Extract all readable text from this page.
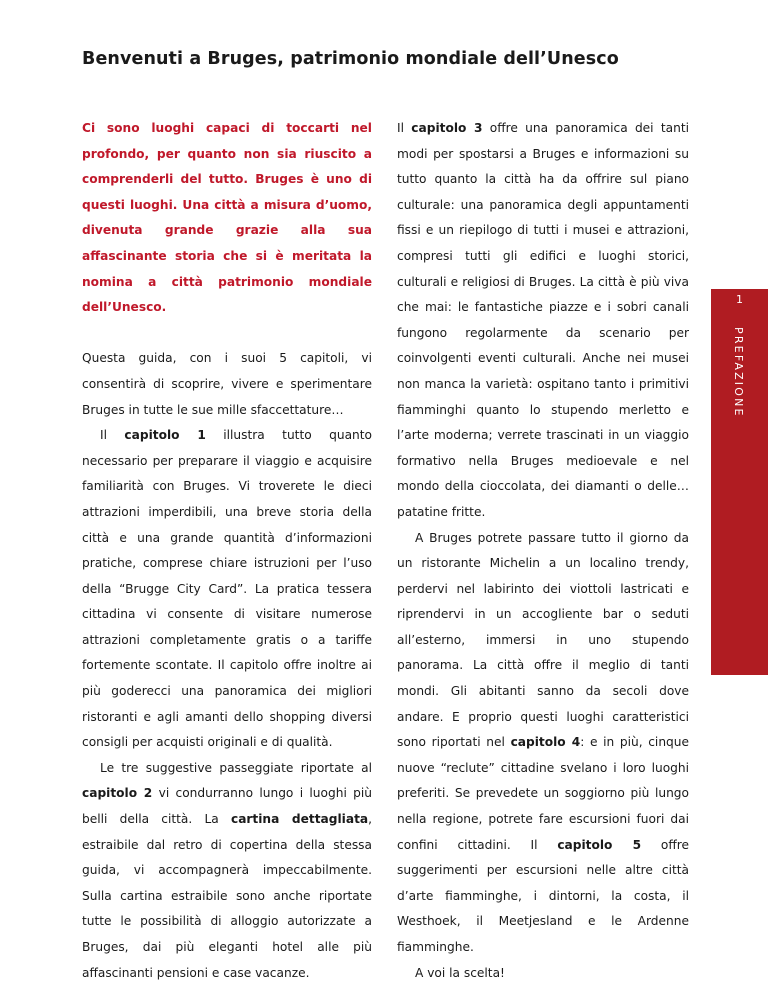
Benvenuti a Bruges, patrimonio mondiale dell’Unesco

Ci sono luoghi capaci di toccarti nel profondo, per quanto non sia riuscito a comprenderli del tutto. Bruges è uno di questi luoghi. Una città a misura d’uomo, divenuta grande grazie alla sua affascinante storia che si è meritata la nomina a città patrimonio mondiale dell’Unesco.

Questa guida, con i suoi 5 capitoli, vi consentirà di scoprire, vivere e sperimentare Bruges in tutte le sue mille sfaccettature…

Il capitolo 1 illustra tutto quanto necessario per preparare il viaggio e acquisire familiarità con Bruges. Vi troverete le dieci attrazioni imperdibili, una breve storia della città e una grande quantità d’informazioni pratiche, comprese chiare istruzioni per l’uso della “Brugge City Card”. La pratica tessera cittadina vi consente di visitare numerose attrazioni completamente gratis o a tariffe fortemente scontate. Il capitolo offre inoltre ai più goderecci una panoramica dei migliori ristoranti e agli amanti dello shopping diversi consigli per acquisti originali e di qualità.

Le tre suggestive passeggiate riportate al capitolo 2 vi condurranno lungo i luoghi più belli della città. La cartina dettagliata, estraibile dal retro di copertina della stessa guida, vi accompagnerà impeccabilmente. Sulla cartina estraibile sono anche riportate tutte le possibilità di alloggio autorizzate a Bruges, dai più eleganti hotel alle più affascinanti pensioni e case vacanze.

Il capitolo 3 offre una panoramica dei tanti modi per spostarsi a Bruges e informazioni su tutto quanto la città ha da offrire sul piano culturale: una panoramica degli appuntamenti fissi e un riepilogo di tutti i musei e attrazioni, compresi tutti gli edifici e luoghi storici, culturali e religiosi di Bruges. La città è più viva che mai: le fantastiche piazze e i sobri canali fungono regolarmente da scenario per coinvolgenti eventi culturali. Anche nei musei non manca la varietà: ospitano tanto i primitivi fiamminghi quanto lo stupendo merletto e l’arte moderna; verrete trascinati in un viaggio formativo nella Bruges medioevale e nel mondo della cioccolata, dei diamanti o delle… patatine fritte.

A Bruges potrete passare tutto il giorno da un ristorante Michelin a un localino trendy, perdervi nel labirinto dei viottoli lastricati e riprendervi in un accogliente bar o seduti all’esterno, immersi in uno stupendo panorama. La città offre il meglio di tanti mondi. Gli abitanti sanno da secoli dove andare. E proprio questi luoghi caratteristici sono riportati nel capitolo 4: e in più, cinque nuove “reclute” cittadine svelano i loro luoghi preferiti. Se prevedete un soggiorno più lungo nella regione, potrete fare escursioni fuori dai confini cittadini. Il capitolo 5 offre suggerimenti per escursioni nelle altre città d’arte fiamminghe, i dintorni, la costa, il Westhoek, il Meetjesland e le Ardenne fiamminghe.

A voi la scelta!

1
PREFAZIONE
